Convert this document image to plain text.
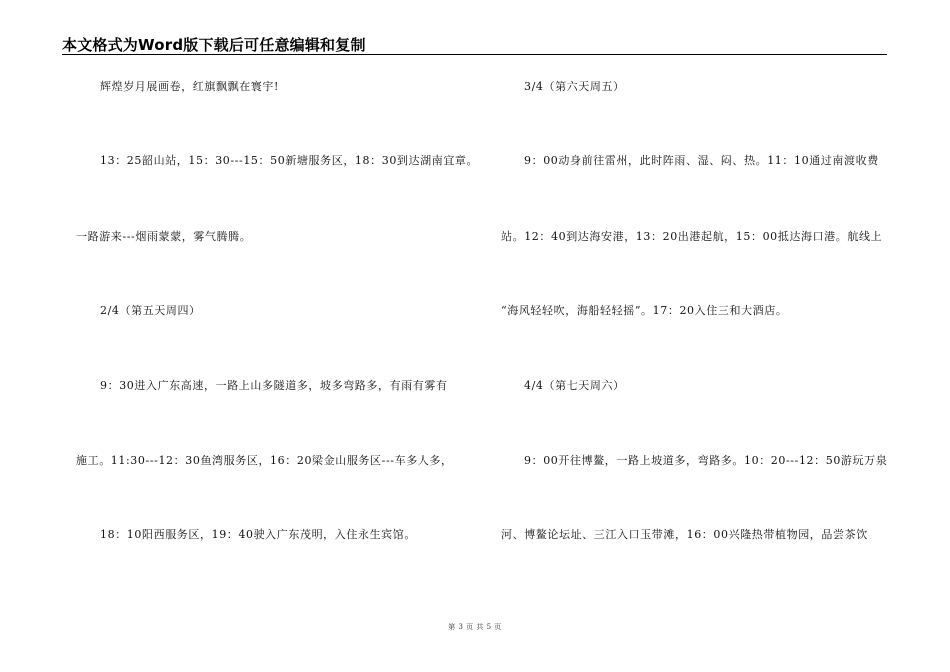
本文格式为Word版下载后可任意编辑和复制
辉煌岁月展画卷，红旗飘飘在寰宇!
13：25韶山站，15：30---15：50新塘服务区，18：30到达湖南宜章。
一路游来---烟雨蒙蒙，雾气腾腾。
2/4（第五天周四）
9：30进入广东高速，一路上山多隧道多，坡多弯路多，有雨有雾有
施工。11:30---12：30鱼湾服务区，16：20梁金山服务区---车多人多，
18：10阳西服务区，19：40驶入广东茂明，入住永生宾馆。
3/4（第六天周五）
9：00动身前往雷州，此时阵雨、湿、闷、热。11：10通过南渡收费
站。12：40到达海安港，13：20出港起航，15：00抵达海口港。航线上
“海风轻轻吹，海船轻轻摇”。17：20入住三和大酒店。
4/4（第七天周六）
9：00开往博鳌，一路上坡道多，弯路多。10：20---12：50游玩万泉
河、博鳌论坛址、三江入口玉带滩，16：00兴隆热带植物园，品尝茶饮
第 3 页 共 5 页
